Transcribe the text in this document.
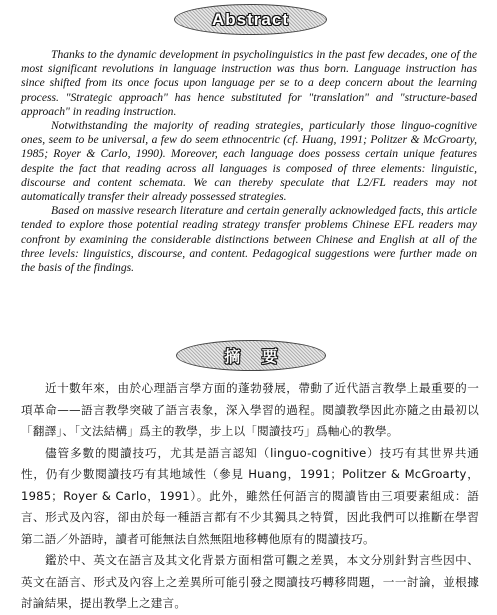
Abstract

Thanks to the dynamic development in psycholinguistics in the past few decades, one of the most significant revolutions in language instruction was thus born. Language instruction has since shifted from its once focus upon language per se to a deep concern about the learning process. "Strategic approach" has hence substituted for "translation" and "structure-based approach" in reading instruction.

Notwithstanding the majority of reading strategies, particularly those linguo-cognitive ones, seem to be universal, a few do seem ethnocentric (cf. Huang, 1991; Politzer & McGroarty, 1985; Royer & Carlo, 1990). Moreover, each language does possess certain unique features despite the fact that reading across all languages is composed of three elements: linguistic, discourse and content schemata. We can thereby speculate that L2/FL readers may not automatically transfer their already possessed strategies.

Based on massive research literature and certain generally acknowledged facts, this article tended to explore those potential reading strategy transfer problems Chinese EFL readers may confront by examining the considerable distinctions between Chinese and English at all of the three levels: linguistics, discourse, and content. Pedagogical suggestions were further made on the basis of the findings.

摘 要

近十數年來，由於心理語言學方面的蓬勃發展，帶動了近代語言教學上最重要的一項革命——語言教學突破了語言表象，深入學習的過程。閱讀教學因此亦隨之由最初以「翻譯」、「文法結構」爲主的教學，步上以「閱讀技巧」爲軸心的教學。

儘管多數的閱讀技巧，尤其是語言認知（linguo-cognitive）技巧有其世界共通性，仍有少數閱讀技巧有其地域性（參見 Huang，1991；Politzer & McGroarty，1985；Royer & Carlo，1991）。此外，雖然任何語言的閱讀皆由三項要素組成：語言、形式及內容，卻由於每一種語言都有不少其獨具之特質，因此我們可以推斷在學習第二語／外語時，讀者可能無法自然無阻地移轉他原有的閱讀技巧。

鑑於中、英文在語言及其文化背景方面相當可觀之差異，本文分別針對言些因中、英文在語言、形式及內容上之差異所可能引發之閱讀技巧轉移問題，一一討論，並根據討論結果，提出教學上之建言。
